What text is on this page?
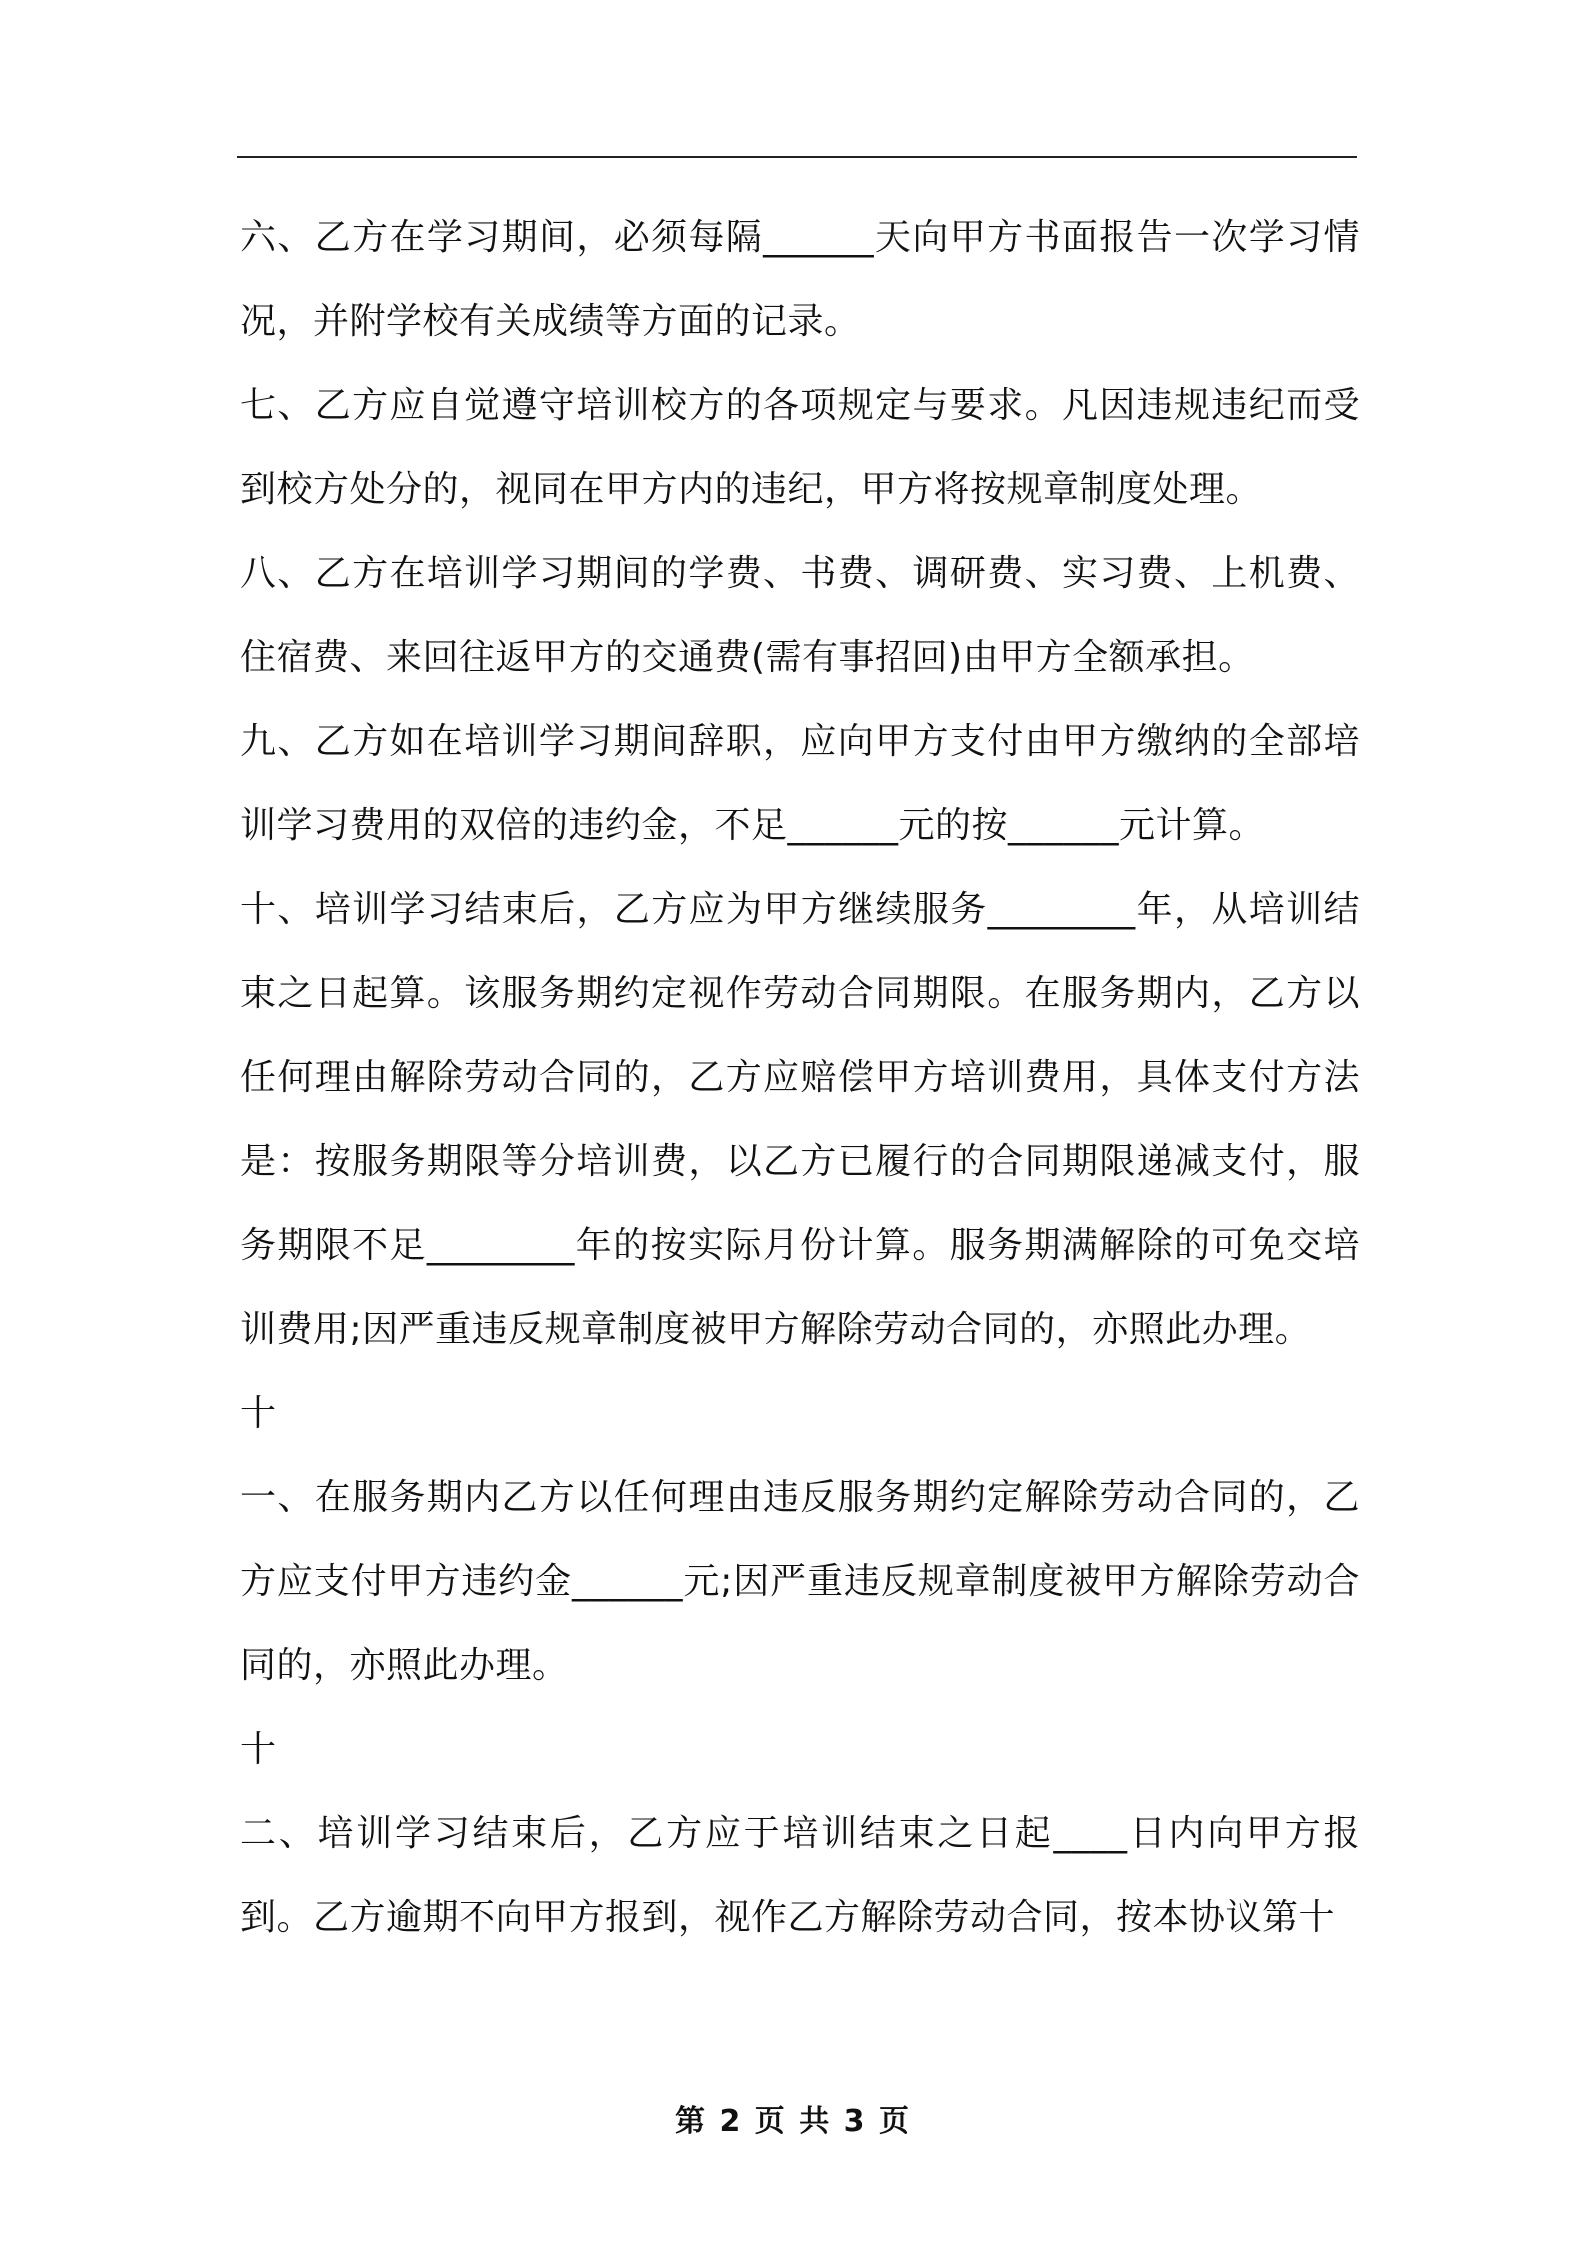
六、乙方在学习期间，必须每隔______天向甲方书面报告一次学习情况，并附学校有关成绩等方面的记录。

七、乙方应自觉遵守培训校方的各项规定与要求。凡因违规违纪而受到校方处分的，视同在甲方内的违纪，甲方将按规章制度处理。

八、乙方在培训学习期间的学费、书费、调研费、实习费、上机费、住宿费、来回往返甲方的交通费(需有事招回)由甲方全额承担。

九、乙方如在培训学习期间辞职，应向甲方支付由甲方缴纳的全部培训学习费用的双倍的违约金，不足______元的按______元计算。

十、培训学习结束后，乙方应为甲方继续服务________年，从培训结束之日起算。该服务期约定视作劳动合同期限。在服务期内，乙方以任何理由解除劳动合同的，乙方应赔偿甲方培训费用，具体支付方法是：按服务期限等分培训费，以乙方已履行的合同期限递减支付，服务期限不足________年的按实际月份计算。服务期满解除的可免交培训费用;因严重违反规章制度被甲方解除劳动合同的，亦照此办理。

十

一、在服务期内乙方以任何理由违反服务期约定解除劳动合同的，乙方应支付甲方违约金______元;因严重违反规章制度被甲方解除劳动合同的，亦照此办理。

十

二、培训学习结束后，乙方应于培训结束之日起____日内向甲方报到。乙方逾期不向甲方报到，视作乙方解除劳动合同，按本协议第十

第 2 页 共 3 页
